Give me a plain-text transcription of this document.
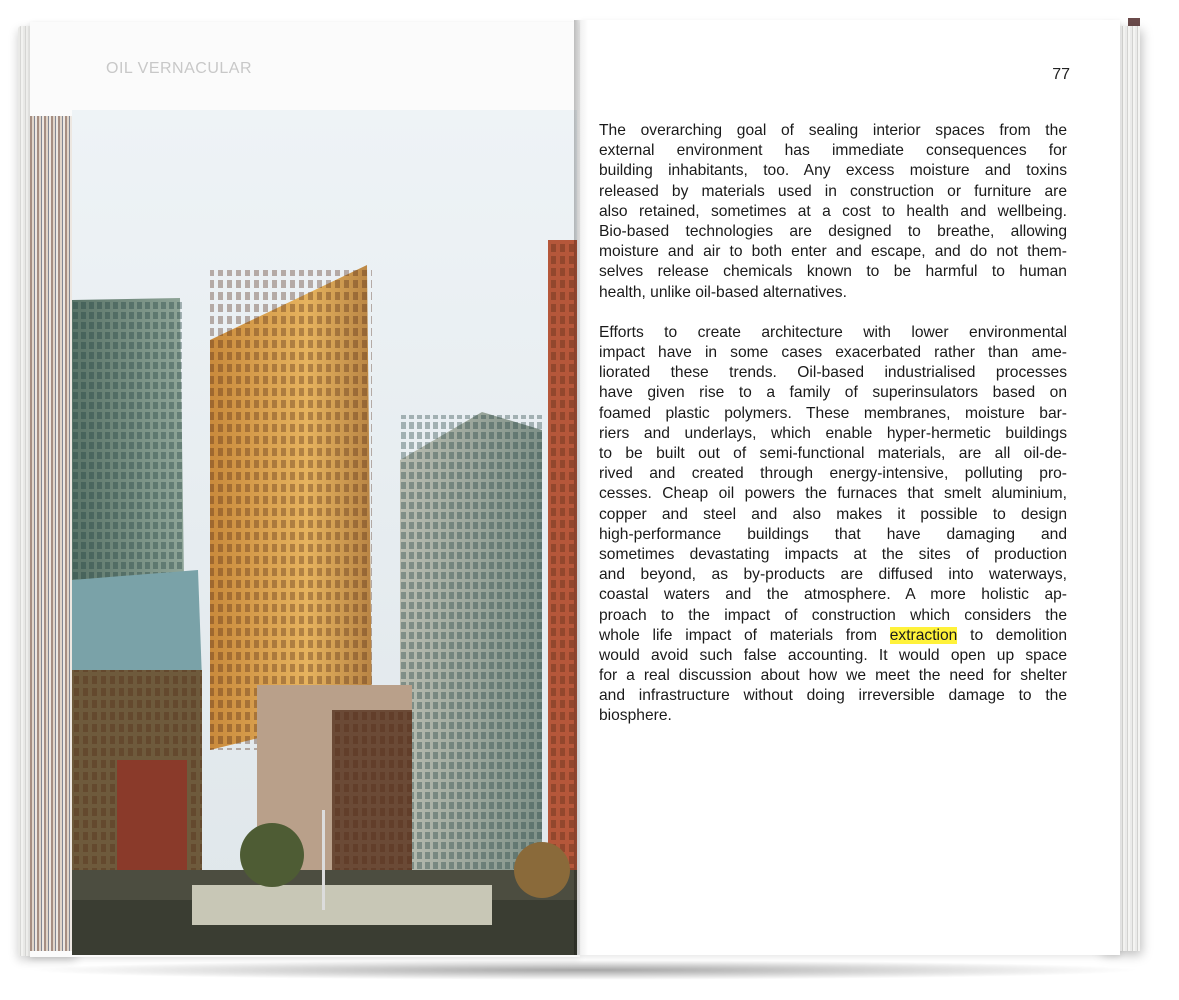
OIL VERNACULAR	77
The overarching goal of sealing interior spaces from the
external environment has immediate consequences for
building inhabitants, too. Any excess moisture and toxins
released by materials used in construction or furniture are
also retained, sometimes at a cost to health and wellbeing.
Bio-based technologies are designed to breathe, allowing
moisture and air to both enter and escape, and do not them-
selves release chemicals known to be harmful to human
health, unlike oil-based alternatives.
Efforts to create architecture with lower environmental
impact have in some cases exacerbated rather than ame-
liorated these trends. Oil-based industrialised processes
have given rise to a family of superinsulators based on
foamed plastic polymers. These membranes, moisture bar-
riers and underlays, which enable hyper-hermetic buildings
to be built out of semi-functional materials, are all oil-de-
rived and created through energy-intensive, polluting pro-
cesses. Cheap oil powers the furnaces that smelt aluminium,
copper and steel and also makes it possible to design
high-performance buildings that have damaging and
sometimes devastating impacts at the sites of production
and beyond, as by-products are diffused into waterways,
coastal waters and the atmosphere. A more holistic ap-
proach to the impact of construction which considers the
whole life impact of materials from extraction to demolition
would avoid such false accounting. It would open up space
for a real discussion about how we meet the need for shelter
and infrastructure without doing irreversible damage to the
biosphere.
